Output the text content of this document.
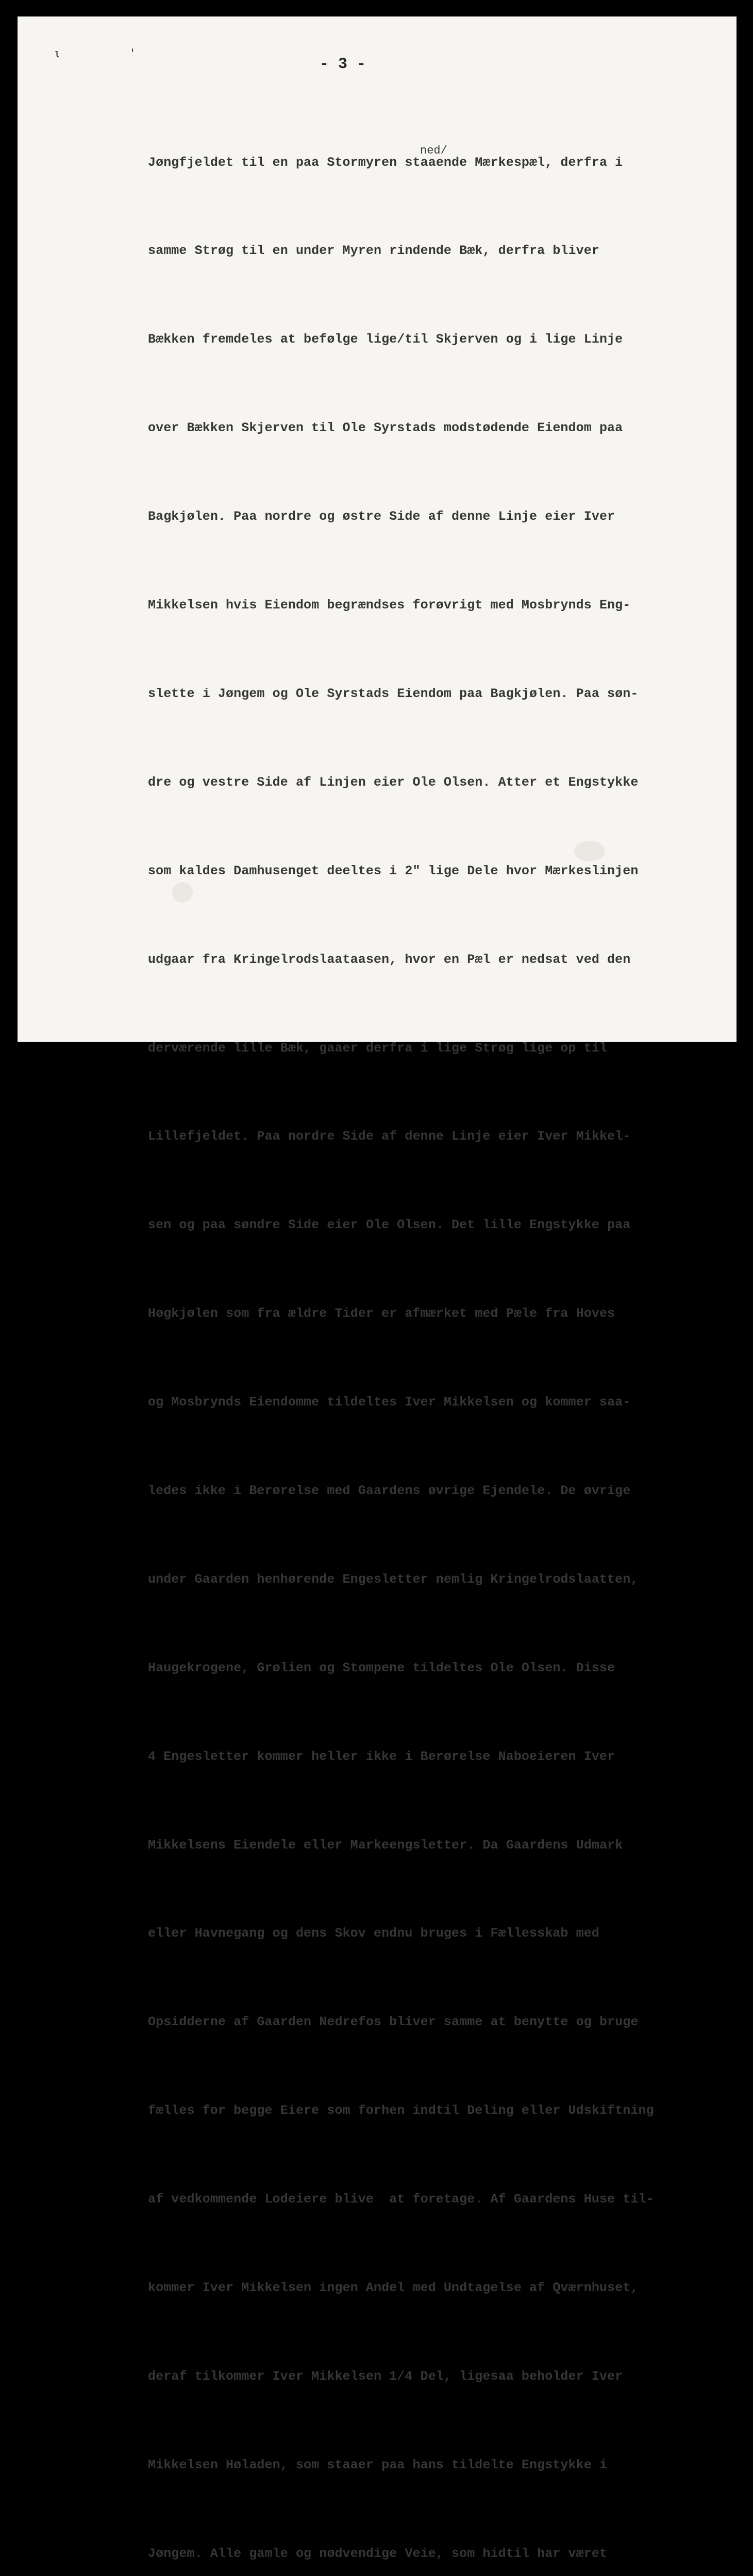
ι '
- 3 -
ned/

Jøngfjeldet til en paa Stormyren staaende Mærkespæl, derfra i

samme Strøg til en under Myren rindende Bæk, derfra bliver

Bækken fremdeles at befølge lige/til Skjerven og i lige Linje

over Bækken Skjerven til Ole Syrstads modstødende Eiendom paa

Bagkjølen. Paa nordre og østre Side af denne Linje eier Iver

Mikkelsen hvis Eiendom begrændses forøvrigt med Mosbrynds Eng-

slette i Jøngem og Ole Syrstads Eiendom paa Bagkjølen. Paa søn-

dre og vestre Side af Linjen eier Ole Olsen. Atter et Engstykke

som kaldes Damhusenget deeltes i 2" lige Dele hvor Mærkeslinjen

udgaar fra Kringelrodslaataasen, hvor en Pæl er nedsat ved den

derværende lille Bæk, gaaer derfra i lige Strøg lige op til

Lillefjeldet. Paa nordre Side af denne Linje eier Iver Mikkel-

sen og paa søndre Side eier Ole Olsen. Det lille Engstykke paa

Høgkjølen som fra ældre Tider er afmærket med Pæle fra Hoves

og Mosbrynds Eiendomme tildeltes Iver Mikkelsen og kommer saa-

ledes ikke i Berørelse med Gaardens øvrige Ejendele. De øvrige

under Gaarden henhørende Engesletter nemlig Kringelrodslaatten,

Haugekrogene, Grølien og Stompene tildeltes Ole Olsen. Disse

4 Engesletter kommer heller ikke i Berørelse Naboeieren Iver

Mikkelsens Eiendele eller Markeengsletter. Da Gaardens Udmark

eller Havnegang og dens Skov endnu bruges i Fællesskab med

Opsidderne af Gaarden Nedrefos bliver samme at benytte og bruge

fælles for begge Eiere som forhen indtil Deling eller Udskiftning

af vedkommende Lodeiere blive  at foretage. Af Gaardens Huse til-

kommer Iver Mikkelsen ingen Andel med Undtagelse af Qværnhuset,

deraf tilkommer Iver Mikkelsen 1/4 Del, ligesaa beholder Iver

Mikkelsen Høladen, som staaer paa hans tildelte Engstykke i

Jøngem. Alle gamle og nødvendige Veie, som hidtil har været
